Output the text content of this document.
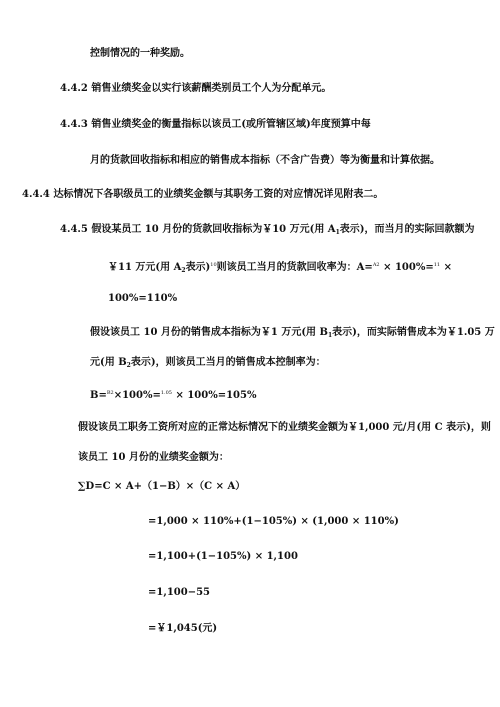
控制情况的一种奖励。
4.4.2 销售业绩奖金以实行该薪酬类别员工个人为分配单元。
4.4.3 销售业绩奖金的衡量指标以该员工(或所管辖区域)年度预算中每
月的货款回收指标和相应的销售成本指标（不含广告费）等为衡量和计算依据。
4.4.4 达标情况下各职级员工的业绩奖金额与其职务工资的对应情况详见附表二。
4.4.5 假设某员工 10 月份的货款回收指标为￥10 万元(用 $A_1$表示)，而当月的实际回款额为
￥11 万元(用 $A_2$表示)$^{10}$则该员工当月的货款回收率为：A=$^{A2}$ × 100%=$^{11}$ ×
100%=110%
假设该员工 10 月份的销售成本指标为￥1 万元(用 $B_1$表示)，而实际销售成本为￥1.05 万
元(用 $B_2$表示)，则该员工当月的销售成本控制率为：
B=$^{B2}$×100%=$^{1.05}$ × 100%=105%
假设该员工职务工资所对应的正常达标情况下的业绩奖金额为￥1,000 元/月(用 C 表示)，则
该员工 10 月份的业绩奖金额为：
∑D=C × A+（1−B）×（C × A）
=1,000 × 110%+(1−105%) × (1,000 × 110%)
=1,100+(1−105%) × 1,100
=1,100−55
=￥1,045(元)
